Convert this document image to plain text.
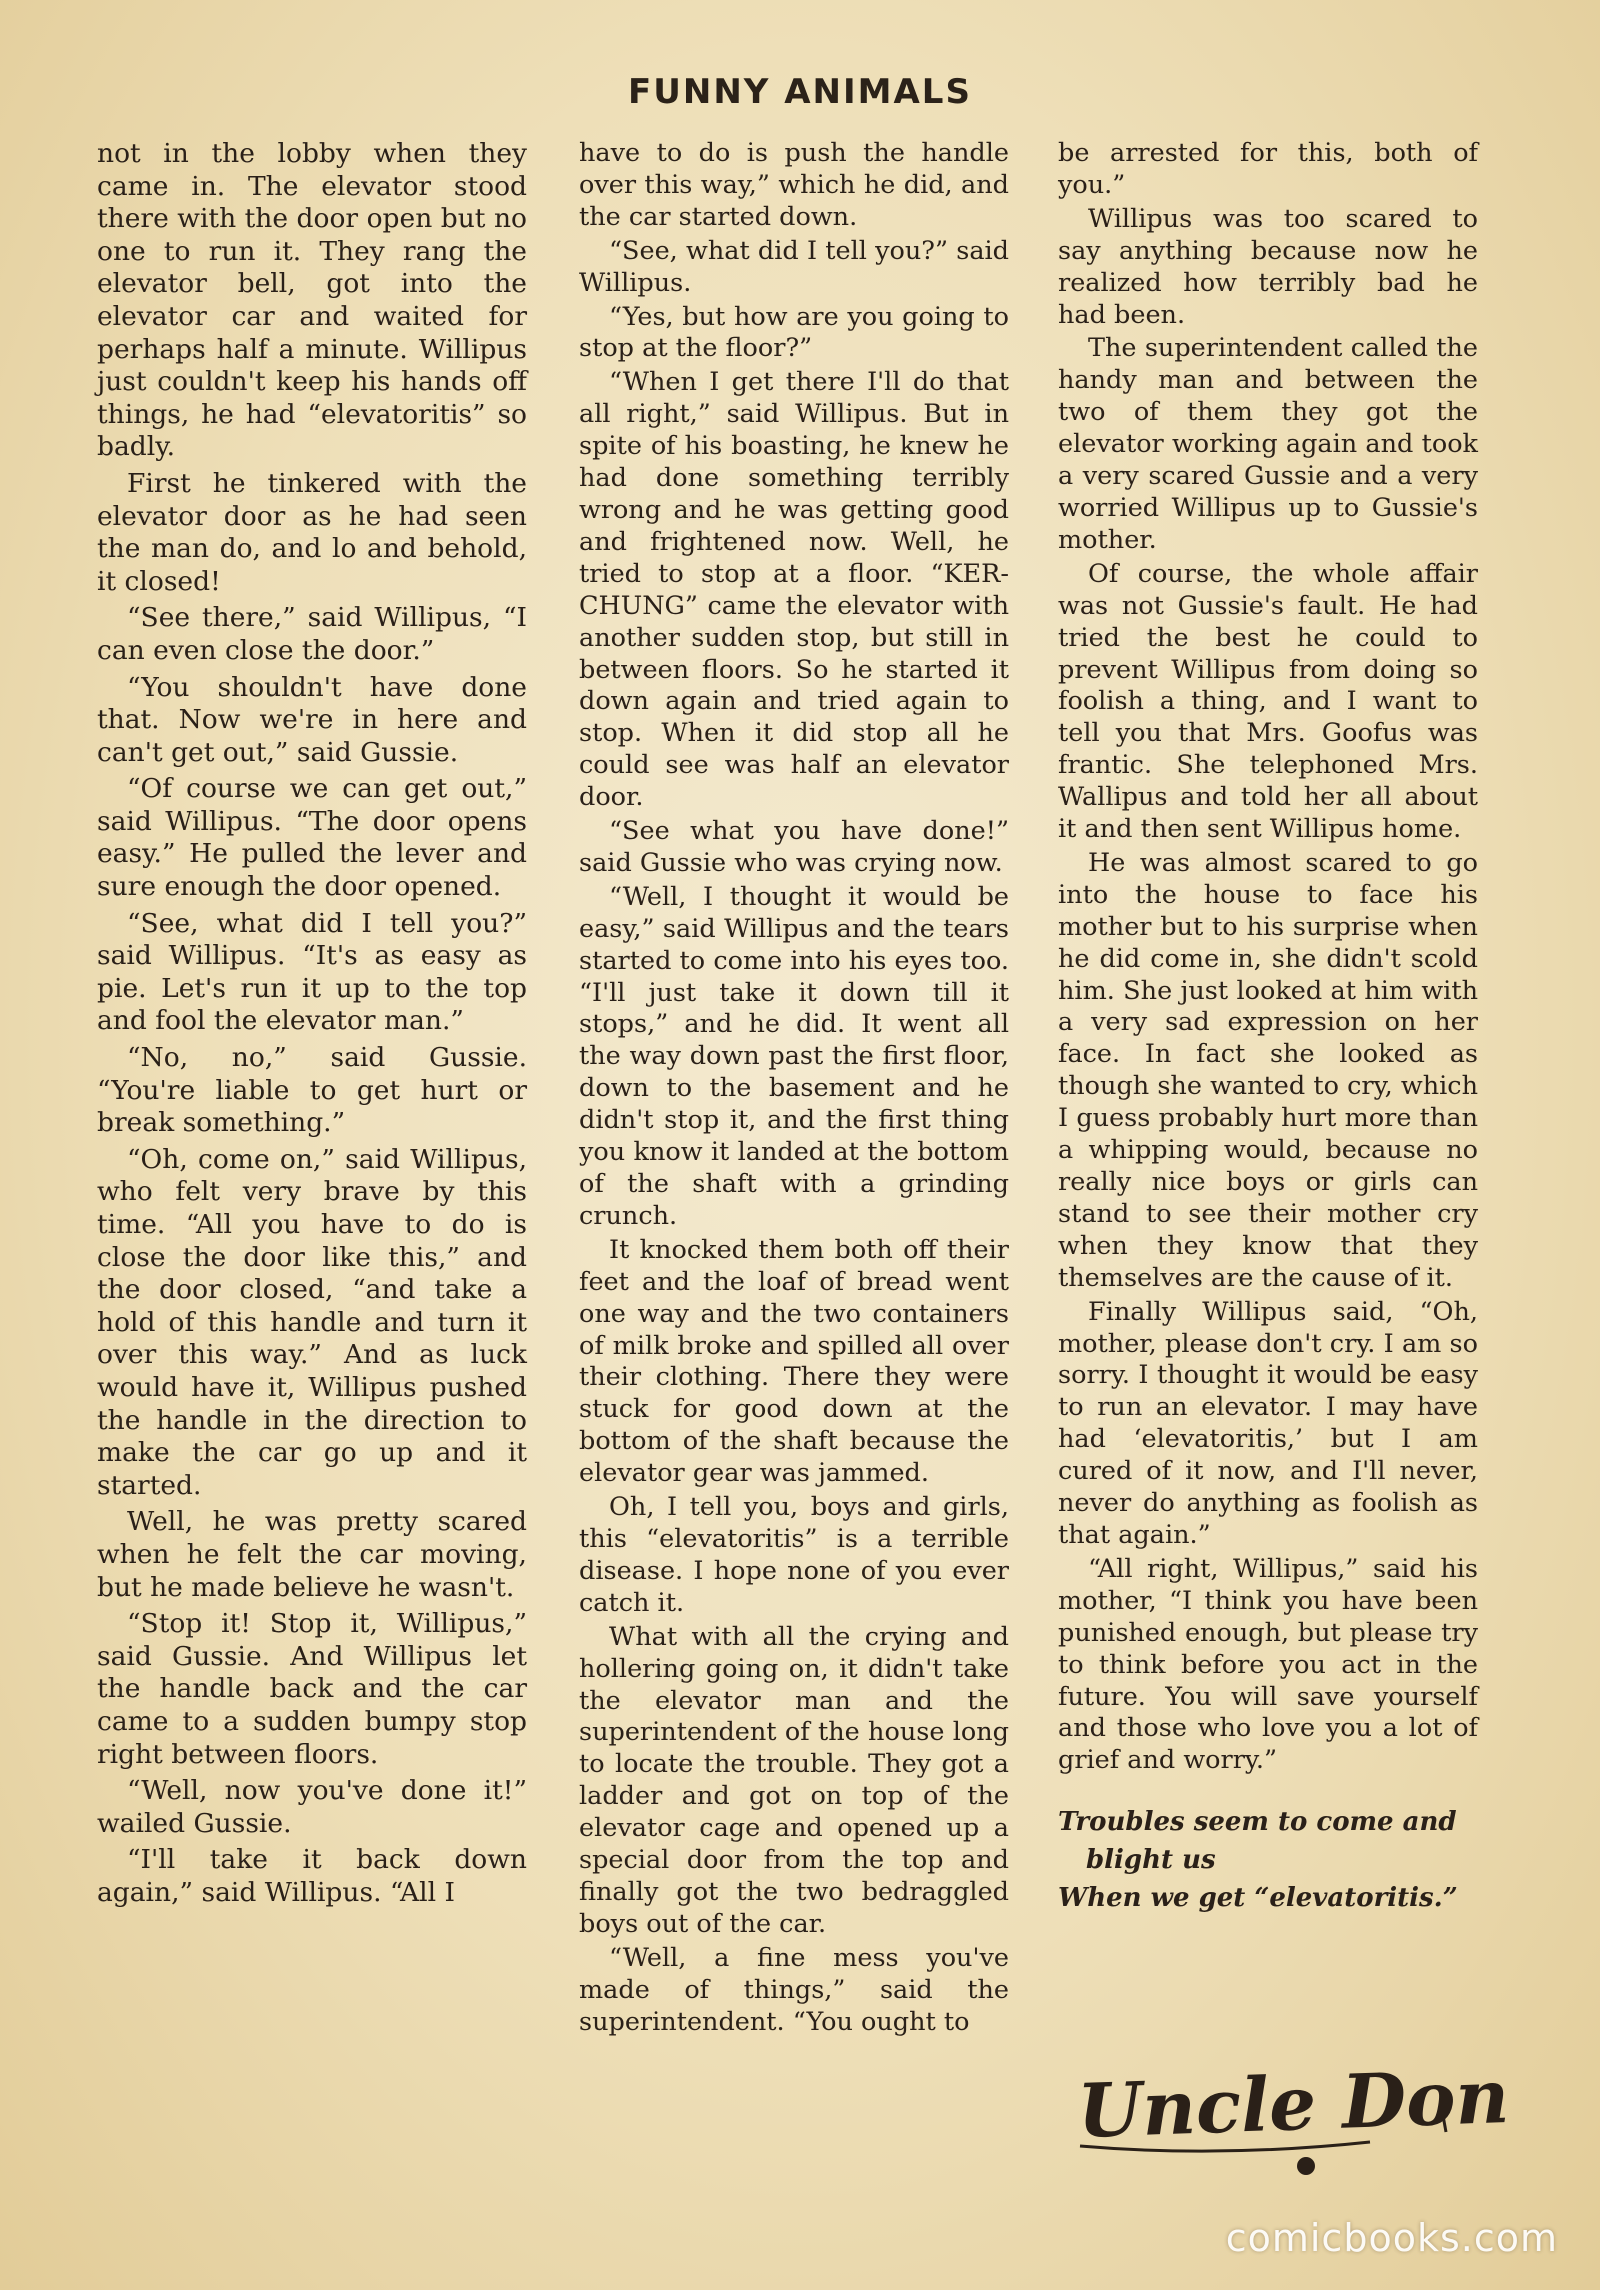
FUNNY ANIMALS

not in the lobby when they came in. The elevator stood there with the door open but no one to run it. They rang the elevator bell, got into the elevator car and waited for perhaps half a minute. Willipus just couldn't keep his hands off things, he had “elevatoritis” so badly.

First he tinkered with the elevator door as he had seen the man do, and lo and behold, it closed!

“See there,” said Willipus, “I can even close the door.”

“You shouldn't have done that. Now we're in here and can't get out,” said Gussie.

“Of course we can get out,” said Willipus. “The door opens easy.” He pulled the lever and sure enough the door opened.

“See, what did I tell you?” said Willipus. “It's as easy as pie. Let's run it up to the top and fool the elevator man.”

“No, no,” said Gussie. “You're liable to get hurt or break something.”

“Oh, come on,” said Willipus, who felt very brave by this time. “All you have to do is close the door like this,” and the door closed, “and take a hold of this handle and turn it over this way.” And as luck would have it, Willipus pushed the handle in the direction to make the car go up and it started.

Well, he was pretty scared when he felt the car moving, but he made believe he wasn't.

“Stop it! Stop it, Willipus,” said Gussie. And Willipus let the handle back and the car came to a sudden bumpy stop right between floors.

“Well, now you've done it!” wailed Gussie.

“I'll take it back down again,” said Willipus. “All I

have to do is push the handle over this way,” which he did, and the car started down.

“See, what did I tell you?” said Willipus.

“Yes, but how are you going to stop at the floor?”

“When I get there I'll do that all right,” said Willipus. But in spite of his boasting, he knew he had done something terribly wrong and he was getting good and frightened now. Well, he tried to stop at a floor. “KER-CHUNG” came the elevator with another sudden stop, but still in between floors. So he started it down again and tried again to stop. When it did stop all he could see was half an elevator door.

“See what you have done!” said Gussie who was crying now.

“Well, I thought it would be easy,” said Willipus and the tears started to come into his eyes too. “I'll just take it down till it stops,” and he did. It went all the way down past the first floor, down to the basement and he didn't stop it, and the first thing you know it landed at the bottom of the shaft with a grinding crunch.

It knocked them both off their feet and the loaf of bread went one way and the two containers of milk broke and spilled all over their clothing. There they were stuck for good down at the bottom of the shaft because the elevator gear was jammed.

Oh, I tell you, boys and girls, this “elevatoritis” is a terrible disease. I hope none of you ever catch it.

What with all the crying and hollering going on, it didn't take the elevator man and the superintendent of the house long to locate the trouble. They got a ladder and got on top of the elevator cage and opened up a special door from the top and finally got the two bedraggled boys out of the car.

“Well, a fine mess you've made of things,” said the superintendent. “You ought to

be arrested for this, both of you.”

Willipus was too scared to say anything because now he realized how terribly bad he had been.

The superintendent called the handy man and between the two of them they got the elevator working again and took a very scared Gussie and a very worried Willipus up to Gussie's mother.

Of course, the whole affair was not Gussie's fault. He had tried the best he could to prevent Willipus from doing so foolish a thing, and I want to tell you that Mrs. Goofus was frantic. She telephoned Mrs. Wallipus and told her all about it and then sent Willipus home.

He was almost scared to go into the house to face his mother but to his surprise when he did come in, she didn't scold him. She just looked at him with a very sad expression on her face. In fact she looked as though she wanted to cry, which I guess probably hurt more than a whipping would, because no really nice boys or girls can stand to see their mother cry when they know that they themselves are the cause of it.

Finally Willipus said, “Oh, mother, please don't cry. I am so sorry. I thought it would be easy to run an elevator. I may have had ‘elevatoritis,’ but I am cured of it now, and I'll never, never do anything as foolish as that again.”

“All right, Willipus,” said his mother, “I think you have been punished enough, but please try to think before you act in the future. You will save yourself and those who love you a lot of grief and worry.”

Troubles seem to come and
blight us
When we get “elevatoritis.”
Uncle Don
comicbooks.com
